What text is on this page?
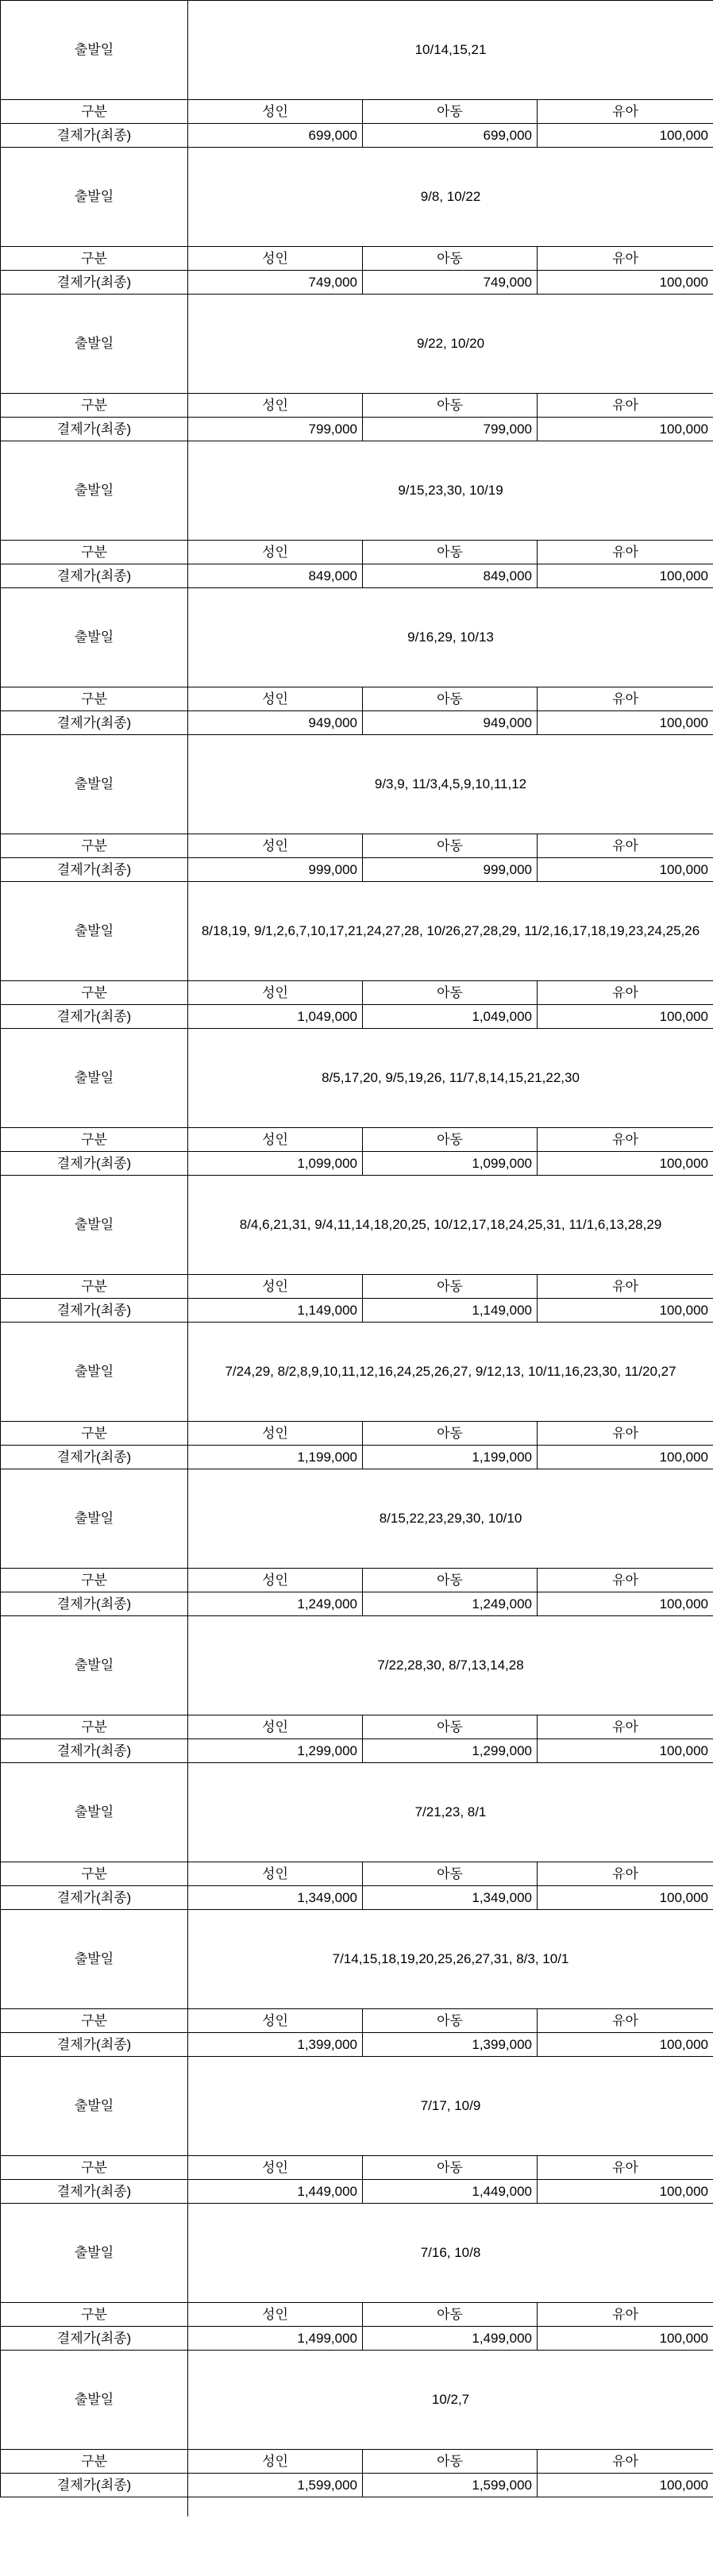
출발일	10/14,15,21		
구분	성인	아동	유아
결제가(최종)	699,000	699,000	100,000
출발일	9/8, 10/22		
구분	성인	아동	유아
결제가(최종)	749,000	749,000	100,000
출발일	9/22, 10/20		
구분	성인	아동	유아
결제가(최종)	799,000	799,000	100,000
출발일	9/15,23,30, 10/19		
구분	성인	아동	유아
결제가(최종)	849,000	849,000	100,000
출발일	9/16,29, 10/13		
구분	성인	아동	유아
결제가(최종)	949,000	949,000	100,000
출발일	9/3,9, 11/3,4,5,9,10,11,12		
구분	성인	아동	유아
결제가(최종)	999,000	999,000	100,000
출발일	8/18,19, 9/1,2,6,7,10,17,21,24,27,28, 10/26,27,28,29, 11/2,16,17,18,19,23,24,25,26		
구분	성인	아동	유아
결제가(최종)	1,049,000	1,049,000	100,000
출발일	8/5,17,20, 9/5,19,26, 11/7,8,14,15,21,22,30		
구분	성인	아동	유아
결제가(최종)	1,099,000	1,099,000	100,000
출발일	8/4,6,21,31, 9/4,11,14,18,20,25, 10/12,17,18,24,25,31, 11/1,6,13,28,29		
구분	성인	아동	유아
결제가(최종)	1,149,000	1,149,000	100,000
출발일	7/24,29, 8/2,8,9,10,11,12,16,24,25,26,27, 9/12,13, 10/11,16,23,30, 11/20,27		
구분	성인	아동	유아
결제가(최종)	1,199,000	1,199,000	100,000
출발일	8/15,22,23,29,30, 10/10		
구분	성인	아동	유아
결제가(최종)	1,249,000	1,249,000	100,000
출발일	7/22,28,30, 8/7,13,14,28		
구분	성인	아동	유아
결제가(최종)	1,299,000	1,299,000	100,000
출발일	7/21,23, 8/1		
구분	성인	아동	유아
결제가(최종)	1,349,000	1,349,000	100,000
출발일	7/14,15,18,19,20,25,26,27,31, 8/3, 10/1		
구분	성인	아동	유아
결제가(최종)	1,399,000	1,399,000	100,000
출발일	7/17, 10/9		
구분	성인	아동	유아
결제가(최종)	1,449,000	1,449,000	100,000
출발일	7/16, 10/8		
구분	성인	아동	유아
결제가(최종)	1,499,000	1,499,000	100,000
출발일	10/2,7		
구분	성인	아동	유아
결제가(최종)	1,599,000	1,599,000	100,000
